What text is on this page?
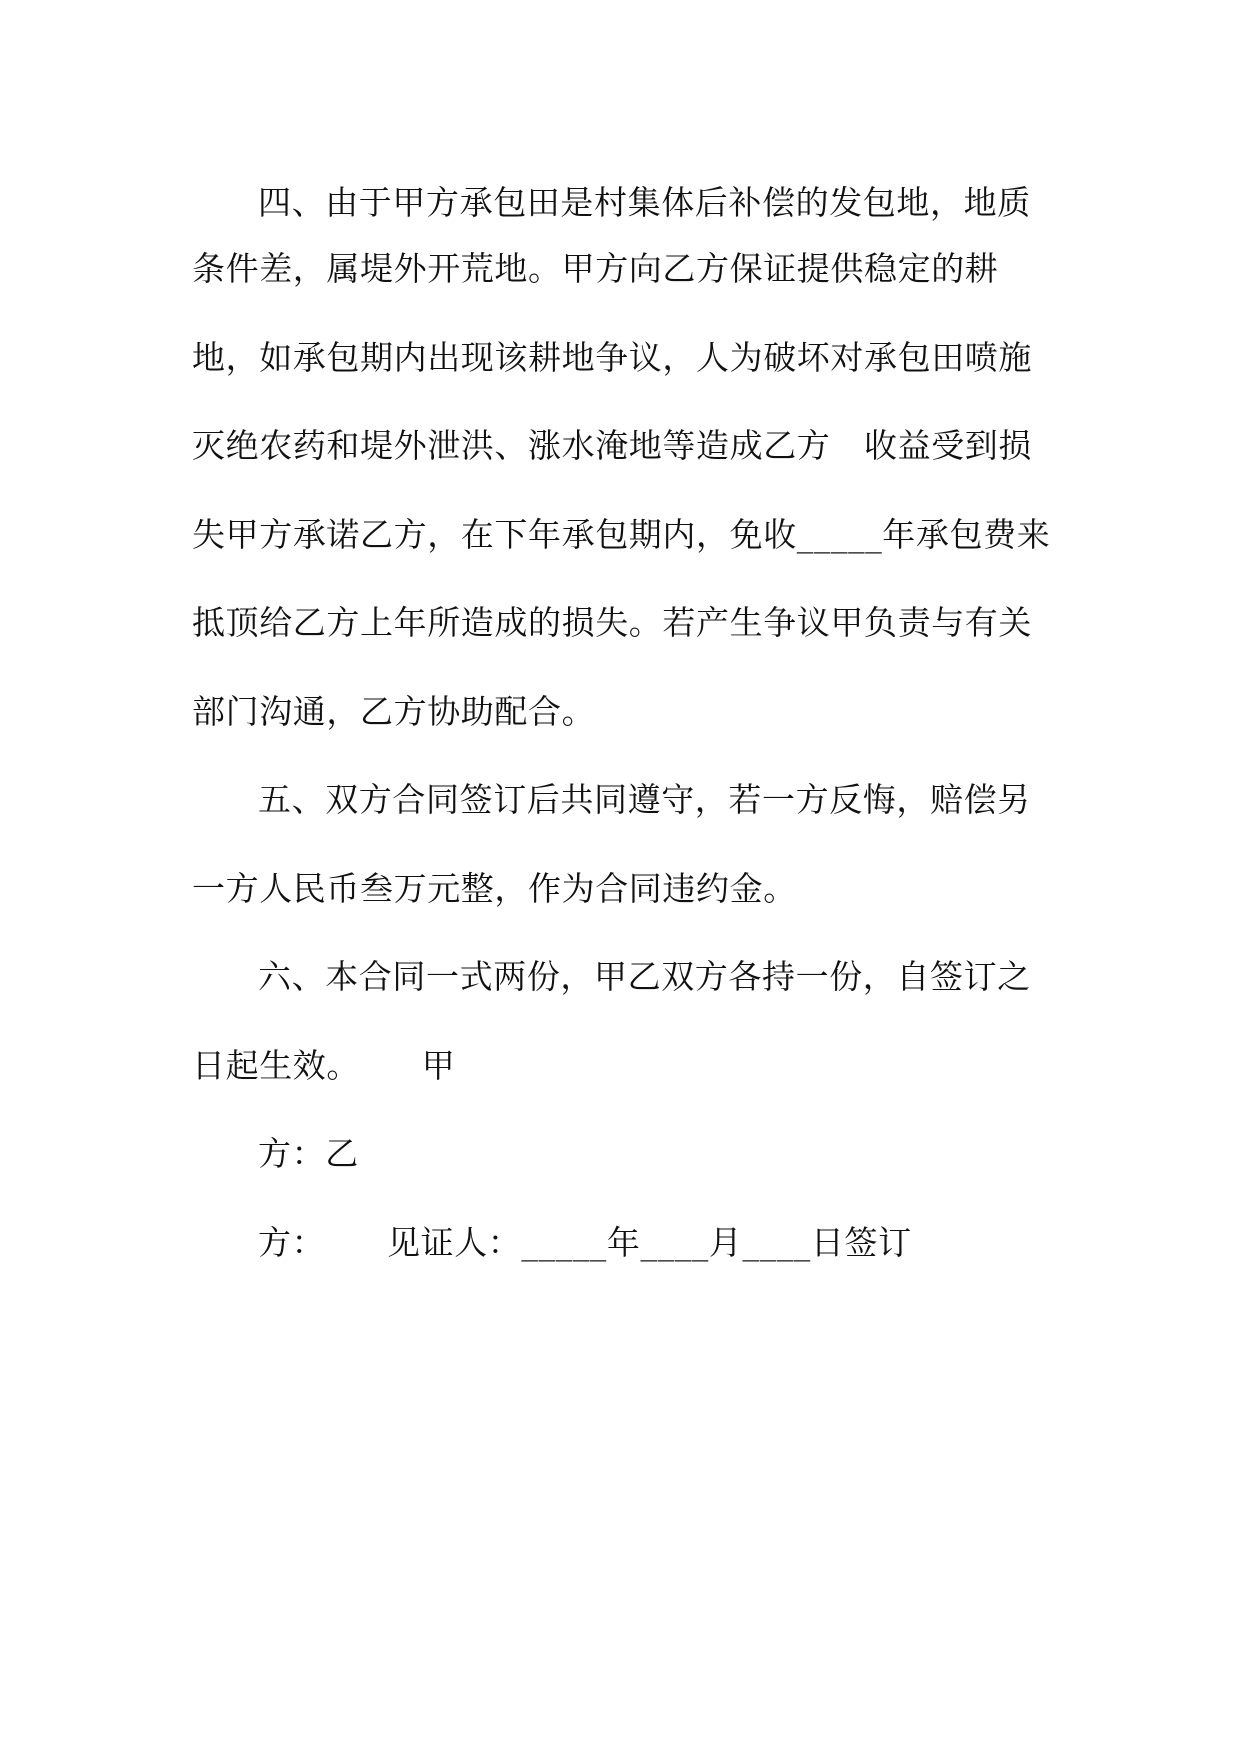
四、由于甲方承包田是村集体后补偿的发包地，地质
条件差，属堤外开荒地。甲方向乙方保证提供稳定的耕
地，如承包期内出现该耕地争议，人为破坏对承包田喷施
灭绝农药和堤外泄洪、涨水淹地等造成乙方　收益受到损
失甲方承诺乙方，在下年承包期内，免收_____年承包费来
抵顶给乙方上年所造成的损失。若产生争议甲负责与有关
部门沟通，乙方协助配合。
五、双方合同签订后共同遵守，若一方反悔，赔偿另
一方人民币叁万元整，作为合同违约金。
六、本合同一式两份，甲乙双方各持一份，自签订之
日起生效。　　 甲
方：乙
方：　　 见证人：_____年____月____日签订
